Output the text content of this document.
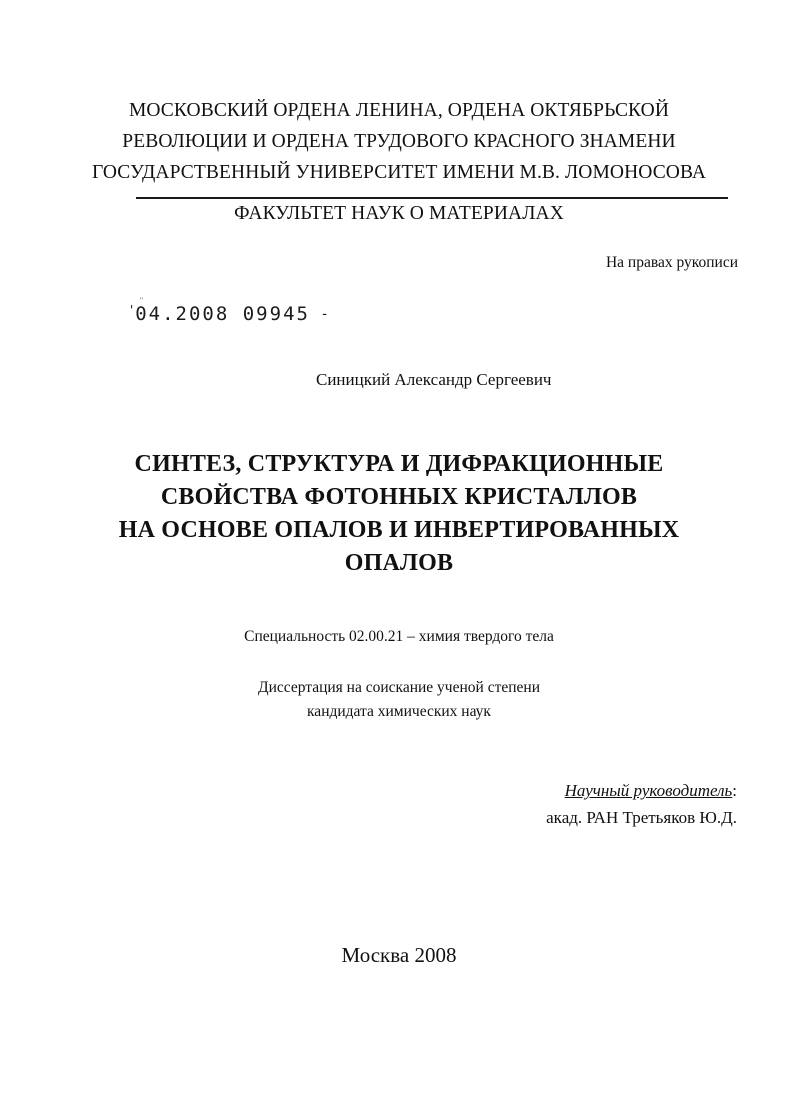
МОСКОВСКИЙ ОРДЕНА ЛЕНИНА, ОРДЕНА ОКТЯБРЬСКОЙ
РЕВОЛЮЦИИ И ОРДЕНА ТРУДОВОГО КРАСНОГО ЗНАМЕНИ
ГОСУДАРСТВЕННЫЙ УНИВЕРСИТЕТ ИМЕНИ М.В. ЛОМОНОСОВА
ФАКУЛЬТЕТ НАУК О МАТЕРИАЛАХ
На правах рукописи
''
'04.2008 09945 -
Синицкий Александр Сергеевич
СИНТЕЗ, СТРУКТУРА И ДИФРАКЦИОННЫЕ
СВОЙСТВА ФОТОННЫХ КРИСТАЛЛОВ
НА ОСНОВЕ ОПАЛОВ И ИНВЕРТИРОВАННЫХ
ОПАЛОВ
Специальность 02.00.21 – химия твердого тела
Диссертация на соискание ученой степени
кандидата химических наук
Научный руководитель:
акад. РАН Третьяков Ю.Д.
Москва 2008
